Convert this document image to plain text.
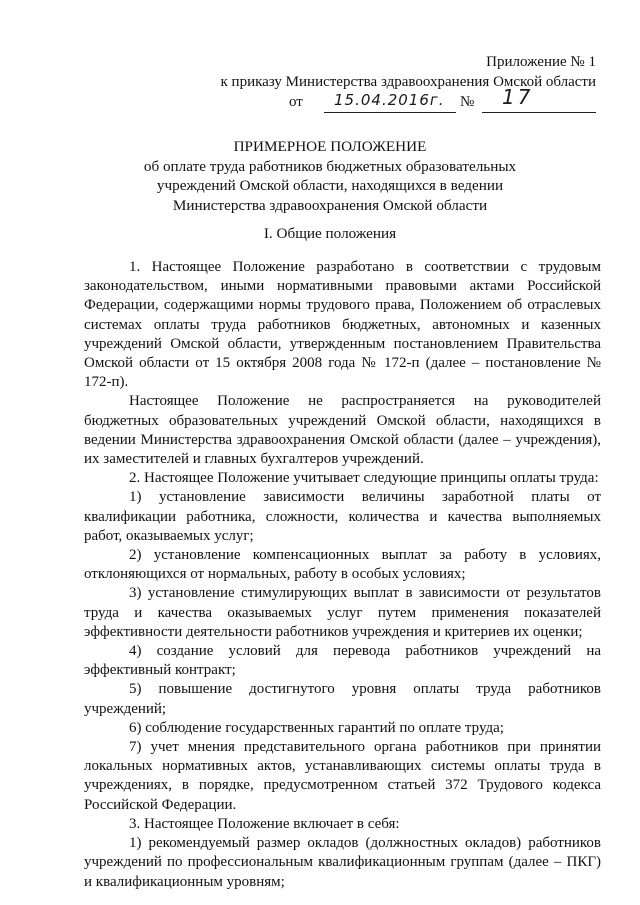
Приложение № 1
к приказу Министерства здравоохранения Омской области
от 15.04.2016г. № 17
ПРИМЕРНОЕ ПОЛОЖЕНИЕ
об оплате труда работников бюджетных образовательных
учреждений Омской области, находящихся в ведении
Министерства здравоохранения Омской области
I. Общие положения

1. Настоящее Положение разработано в соответствии с трудовым законодательством, иными нормативными правовыми актами Российской Федерации, содержащими нормы трудового права, Положением об отраслевых системах оплаты труда работников бюджетных, автономных и казенных учреждений Омской области, утвержденным постановлением Правительства Омской области от 15 октября 2008 года № 172-п (далее – постановление № 172-п).

Настоящее Положение не распространяется на руководителей бюджетных образовательных учреждений Омской области, находящихся в ведении Министерства здравоохранения Омской области (далее – учреждения), их заместителей и главных бухгалтеров учреждений.

2. Настоящее Положение учитывает следующие принципы оплаты труда:

1) установление зависимости величины заработной платы от квалификации работника, сложности, количества и качества выполняемых работ, оказываемых услуг;

2) установление компенсационных выплат за работу в условиях, отклоняющихся от нормальных, работу в особых условиях;

3) установление стимулирующих выплат в зависимости от результатов труда и качества оказываемых услуг путем применения показателей эффективности деятельности работников учреждения и критериев их оценки;

4) создание условий для перевода работников учреждений на эффективный контракт;

5) повышение достигнутого уровня оплаты труда работников учреждений;

6) соблюдение государственных гарантий по оплате труда;

7) учет мнения представительного органа работников при принятии локальных нормативных актов, устанавливающих системы оплаты труда в учреждениях, в порядке, предусмотренном статьей 372 Трудового кодекса Российской Федерации.

3. Настоящее Положение включает в себя:

1) рекомендуемый размер окладов (должностных окладов) работников учреждений по профессиональным квалификационным группам (далее – ПКГ) и квалификационным уровням;
